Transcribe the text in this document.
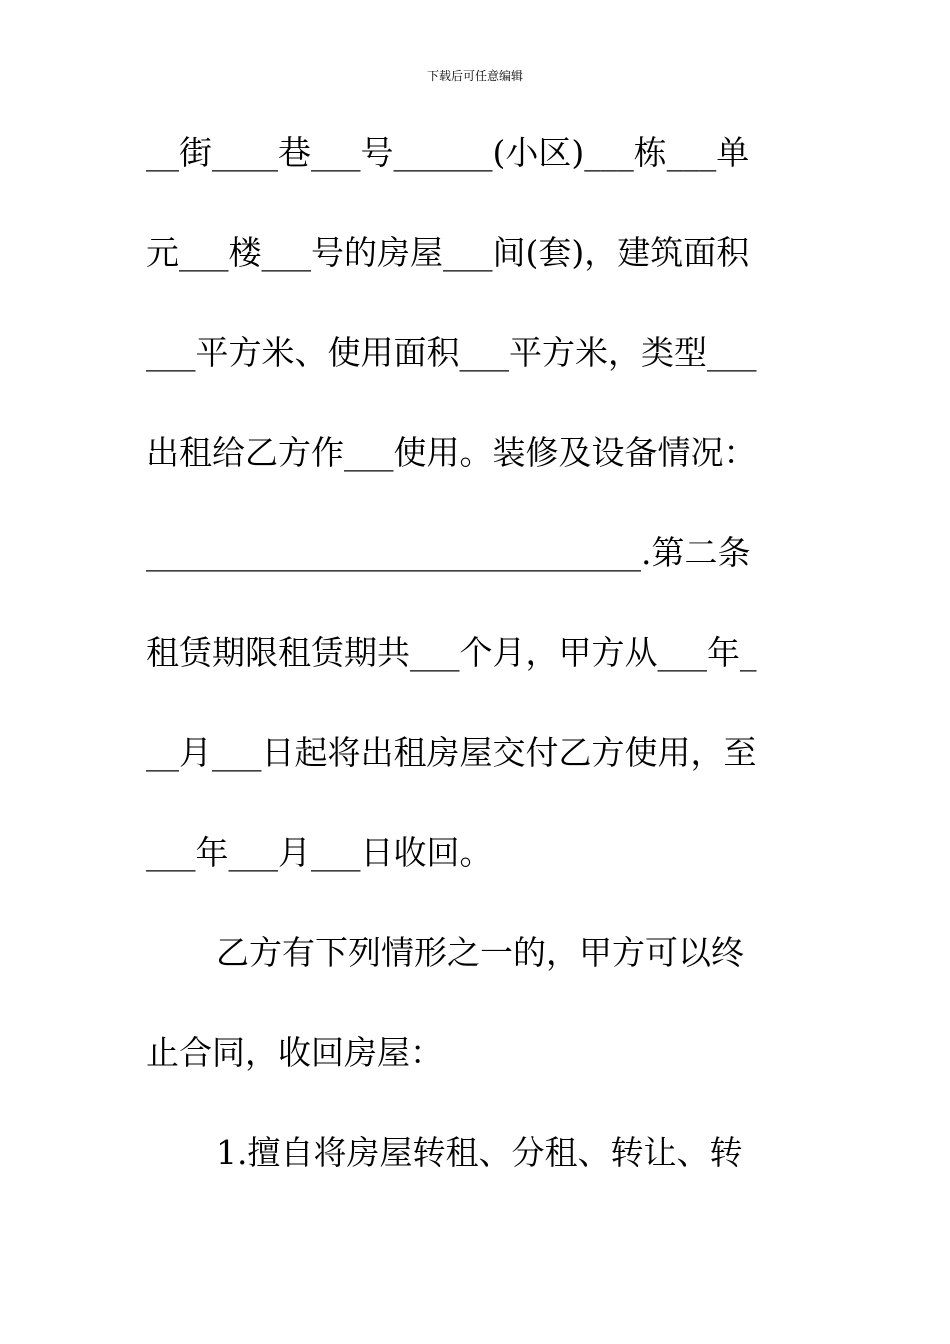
下载后可任意编辑
__街____巷___号______(小区)___栋___单
元___楼___号的房屋___间(套)，建筑面积
___平方米、使用面积___平方米，类型___
出租给乙方作___使用。装修及设备情况：
______________________________.第二条
租赁期限租赁期共___个月，甲方从___年_
__月___日起将出租房屋交付乙方使用，至
___年___月___日收回。
乙方有下列情形之一的，甲方可以终
止合同，收回房屋：
1.擅自将房屋转租、分租、转让、转
